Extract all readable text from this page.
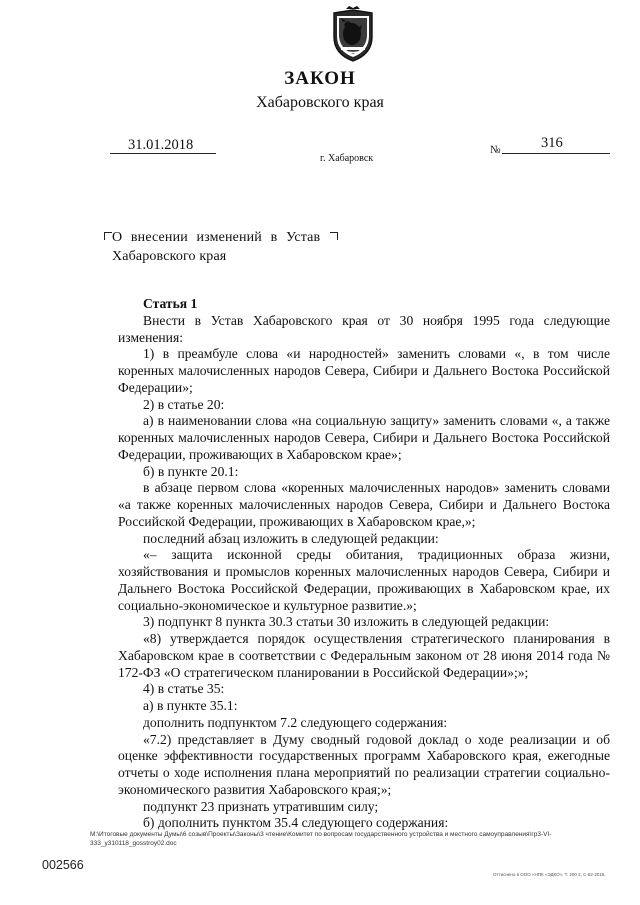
ЗАКОН
Хабаровского края
31.01.2018
г. Хабаровск
№	316
О внесении изменений в Устав
Хабаровского края

Статья 1

Внести в Устав Хабаровского края от 30 ноября 1995 года следующие изменения:

1) в преамбуле слова «и народностей» заменить словами «, в том числе коренных малочисленных народов Севера, Сибири и Дальнего Востока Российской Федерации»;

2) в статье 20:

а) в наименовании слова «на социальную защиту» заменить словами «, а также коренных малочисленных народов Севера, Сибири и Дальнего Востока Российской Федерации, проживающих в Хабаровском крае»;

б) в пункте 20.1:

в абзаце первом слова «коренных малочисленных народов» заменить словами «а также коренных малочисленных народов Севера, Сибири и Дальнего Востока Российской Федерации, проживающих в Хабаровском крае,»;

последний абзац изложить в следующей редакции:

«– защита исконной среды обитания, традиционных образа жизни, хозяйствования и промыслов коренных малочисленных народов Севера, Сибири и Дальнего Востока Российской Федерации, проживающих в Хабаровском крае, их социально-экономическое и культурное развитие.»;

3) подпункт 8 пункта 30.3 статьи 30 изложить в следующей редакции:

«8) утверждается порядок осуществления стратегического планирования в Хабаровском крае в соответствии с Федеральным законом от 28 июня 2014 года № 172-ФЗ «О стратегическом планировании в Российской Федерации»;»;

4) в статье 35:

а) в пункте 35.1:

дополнить подпунктом 7.2 следующего содержания:

«7.2) представляет в Думу сводный годовой доклад о ходе реализации и об оценке эффективности государственных программ Хабаровского края, ежегодные отчеты о ходе исполнения плана мероприятий по реализации стратегии социально-экономического развития Хабаровского края;»;

подпункт 23 признать утратившим силу;

б) дополнить пунктом 35.4 следующего содержания:

М:\Итоговые документы Думы\6 созыв\Проекты\Законы\3 чтение\Комитет по вопросам государственного устройства и местного самоуправления\гр3-VI-
333_у310118_gosstroy02.doc
002566
Оттиснено в ООО «НПК «ЭДКО», Т. 200 2, С-62-2018.
